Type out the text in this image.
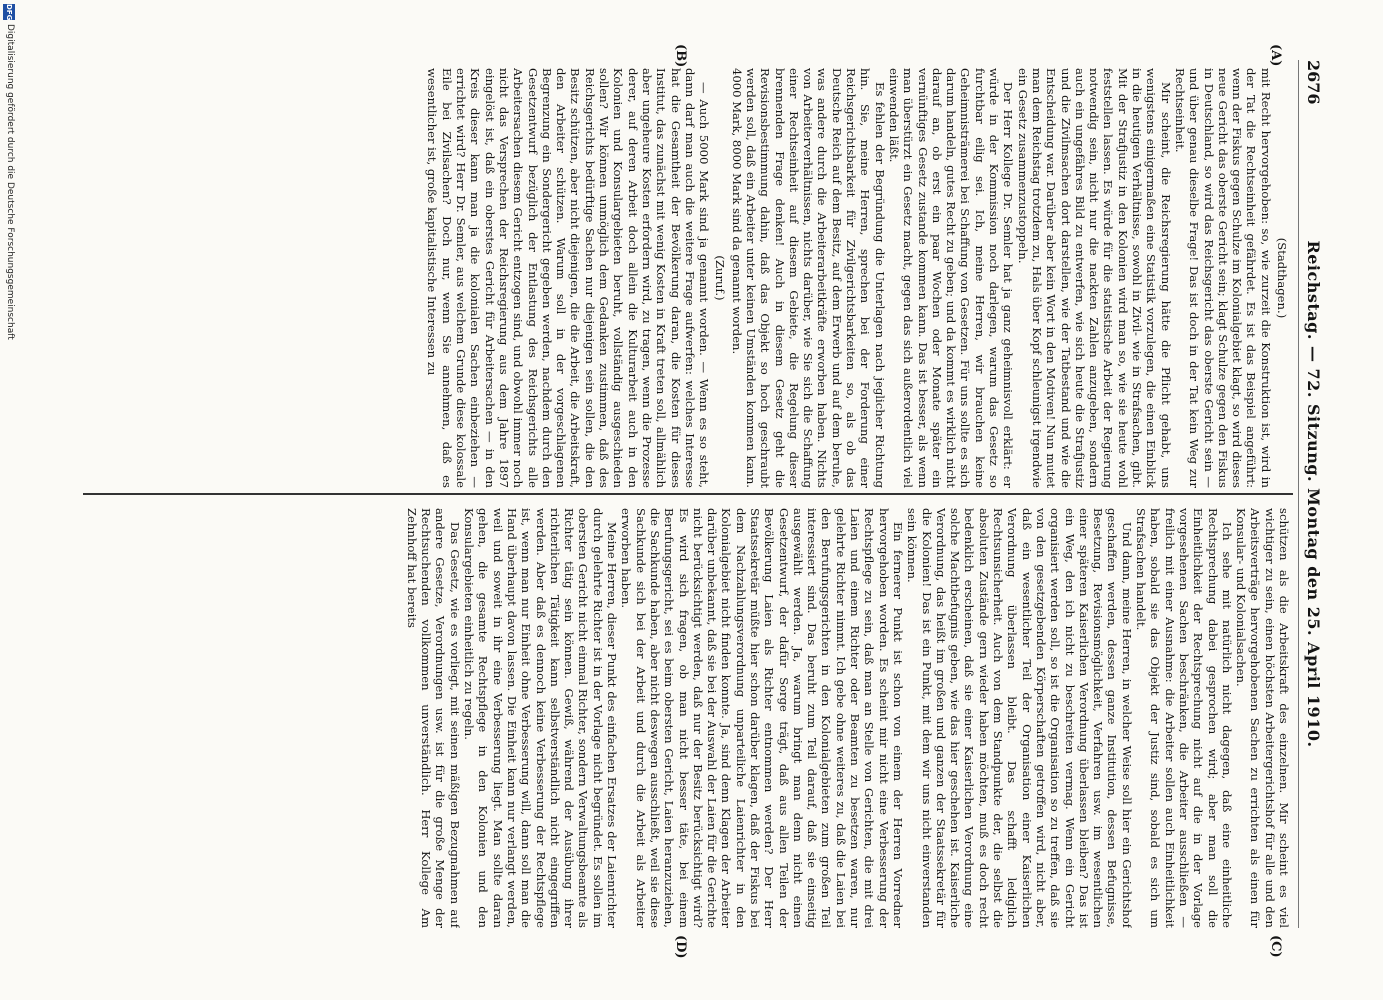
2676
Reichstag. — 72. Sitzung. Montag den 25. April 1910.
(A)
(B)
(C)
(D)

(Stadthagen.)

mit Recht hervorgehoben: so, wie zurzeit die Konstruktion ist, wird in der Tat die Rechtseinheit gefährdet. Es ist das Beispiel angeführt: wenn der Fiskus gegen Schulze im Kolonialgebiet klagt, so wird dieses neue Gericht das oberste Gericht sein; klagt Schulze gegen den Fiskus in Deutschland, so wird das Reichsgericht das oberste Gericht sein — und über genau dieselbe Frage! Das ist doch in der Tat kein Weg zur Rechtseinheit.

Mir scheint, die Reichsregierung hätte die Pflicht gehabt, uns wenigstens einigermaßen eine Statistik vorzulegen, die einen Einblick in die heutigen Verhältnisse, sowohl in Zivil- wie in Strafsachen, gibt. Mit der Strafjustiz in den Kolonien wird man so, wie sie heute wohl feststellen lassen. Es würde für die statistische Arbeit der Regierung notwendig sein, nicht nur die nackten Zahlen anzugeben, sondern auch ein ungefähres Bild zu entwerfen, wie sich heute die Strafjustiz und die Zivilmsachen dort darstellen, wie der Tatbestand und wie die Entscheidung war. Darüber aber kein Wort in den Motiven! Nun mutet man dem Reichstag trotzdem zu, Hals über Kopf schleunigst irgendwie ein Gesetz zusammenzustoppeln.

Der Herr Kollege Dr. Semler hat ja ganz geheimnisvoll erklärt: er würde in der Kommission noch darlegen, warum das Gesetz so furchtbar eilig sei. Ich, meine Herren, wir brauchen keine Geheimnisträmerei bei Schaffung von Gesetzen. Für uns sollte es sich darum handeln, gutes Recht zu geben; und da kommt es wirklich nicht darauf an, ob erst ein paar Wochen oder Monate später ein vernünftiges Gesetz zustande kommen kann. Das ist besser, als wenn man überstürzt ein Gesetz macht, gegen das sich außerordentlich viel einwenden läßt.

Es fehlen der Begründung die Unterlagen nach jeglicher Richtung hin. Sie, meine Herren, sprechen bei der Forderung einer Reichsgerichtsbarkeit für Zivilgerichtsbarkeiten so, als ob das Deutsche Reich auf dem Besitz, auf dem Erwerb und auf dem beruhe, was andere durch die Arbeiterarbeitkräfte erworben haben. Nichts von Arbeiterverhältnissen, nichts darüber, wie Sie sich die Schaffung einer Rechtseinheit auf diesem Gebiete, die Regelung dieser brennenden Frage denken! Auch in diesem Gesetz geht die Revisionsbestimmung dahin, daß das Objekt so hoch geschraubt werden soll, daß ein Arbeiter unter keinen Umständen kommen kann. 4000 Mark, 8000 Mark sind da genannt worden.

(Zuruf.)

— Auch 5000 Mark sind ja genannt worden. — Wenn es so steht, dann darf man auch die weitere Frage aufwerfen: welches Interesse hat die Gesamtheit der Bevölkerung daran, die Kosten für dieses Institut, das zunächst mit wenig Kosten in Kraft treten soll, allmählich aber ungeheure Kosten erfordern wird, zu tragen, wenn die Prozesse derer, auf deren Arbeit doch allein die Kulturarbeit auch in den Kolonien und Konsulargebieten beruht, vollständig ausgeschieden sollen? Wir können unmöglich dem Gedanken zustimmen, daß des Reichsgerichts bedürftige Sachen nur diejenigen sein sollen, die den Besitz schützen, aber nicht diejenigen, die die Arbeit, die Arbeitskraft, den Arbeiter schützen. Warum soll in der vorgeschlagenen Begrenzung ein Sondergericht gegeben werden, nachdem durch den Gesetzentwurf bezüglich der Entlastung des Reichsgerichts alle Arbeitersachen diesem Gericht entzogen sind, und obwohl immer noch nicht das Versprechen der Reichsregierung aus dem Jahre 1897 eingelöst ist, daß ein oberstes Gericht für Arbeitersachen — in den Kreis dieser kann man ja die kolonialen Sachen einbeziehen — errichtet wird? Herr Dr. Semler, aus welchem Grunde diese kolossale Eile bei Zivilsachen? Doch nur, wenn Sie annehmen, daß es wesentlicher ist, große kapitalistische Interessen zu

schützen als die Arbeitskraft des einzelnen. Mir scheint es viel wichtiger zu sein, einen höchsten Arbeitergerichtshof für alle und den Arbeitsverträge hervorgehobenen Sachen zu errichten als einen für Konsular- und Kolonialsachen.

Ich sehe mit natürlich nicht dagegen, daß eine einheitliche Rechtsprechung dabei gesprochen wird; aber man soll die Einheitlichkeit der Rechtsprechung nicht auf die in der Vorlage vorgesehenen Sachen beschränken, die Arbeiter ausschließen — freilich mit einer Ausnahme: die Arbeiter sollen auch Einheitlichkeit haben, sobald sie das Objekt der Justiz sind, sobald es sich um Strafsachen handelt.

Und dann, meine Herren, in welcher Weise soll hier ein Gerichtshof geschaffen werden, dessen ganze Institution, dessen Befugnisse, Besetzung, Revisionsmöglichkeit, Verfahren usw. im wesentlichen einer späteren Kaiserlichen Verordnung überlassen bleiben? Das ist ein Weg, den ich nicht zu beschreiten vermag. Wenn ein Gericht organisiert werden soll, so ist die Organisation so zu treffen, daß sie von den gesetzgebenden Körperschaften getroffen wird, nicht aber, daß ein wesentlicher Teil der Organisation einer Kaiserlichen Verordnung überlassen bleibt. Das schafft lediglich Rechtsunsicherheit. Auch von dem Standpunkte der, die selbst die absoluten Zustände gern wieder haben möchten, muß es doch recht bedenklich erscheinen, daß sie einer Kaiserlichen Verordnung eine solche Machtbefugnis geben, wie das hier geschehen ist. Kaiserliche Verordnung, das heißt im großen und ganzen der Staatssekretär für die Kolonien! Das ist ein Punkt, mit dem wir uns nicht einverstanden sein können.

Ein fernerer Punkt ist schon von einem der Herren Vorredner hervorgehoben worden. Es scheint mir nicht eine Verbesserung der Rechtspflege zu sein, daß man an Stelle von Gerichten, die mit drei Laien und einem Richter oder Beamten zu besetzen waren, nur gelehrte Richter nimmt. Ich gebe ohne weiteres zu, daß die Laien bei den Berufungsgerichten in den Kolonialgebieten zum großen Teil interessiert sind. Das beruht zum Teil darauf, daß sie einseitig ausgewählt werden. Ja, warum bringt man denn nicht einen Gesetzentwurf, der dafür Sorge trägt, daß aus allen Teilen der Bevölkerung Laien als Richter entnommen werden? Der Herr Staatssekretär müßte hier schon darüber klagen, daß der Fiskus bei dem Nachzahlungsverordnung unparteiliche Laienrichter in den Kolonialgebiet nicht finden konnte. Ja, sind denn Klagen der Arbeiter darüber unbekannt, daß sie bei der Auswahl der Laien für die Gerichte nicht berücksichtigt werden, daß nur der Besitz berücksichtigt wird? Es wird sich fragen, ob man nicht besser täte, bei einem Berufungsgericht, sei es beim obersten Gericht, Laien heranzuziehen, die Sachkunde haben, aber nicht deswegen ausschließt, weil sie diese Sachkunde sich bei der Arbeit und durch die Arbeit als Arbeiter erworben haben.

Meine Herren, dieser Punkt des einfachen Ersatzes der Laienrichter durch gelehrte Richter ist in der Vorlage nicht begründet. Es sollen im obersten Gericht nicht einmal Richter, sondern Verwaltungsbeamte als Richter tätig sein können. Gewiß, während der Ausübung ihrer richterlichen Tätigkeit kann selbstverständlich nicht eingegriffen werden. Aber daß es dennoch keine Verbesserung der Rechtspflege ist, wenn man nur Einheit ohne Verbesserung will, dann soll man die Hand überhaupt davon lassen. Die Einheit kann nur verlangt werden, weil und soweit in ihr eine Verbesserung liegt. Man sollte daran gehen, die gesamte Rechtspflege in den Kolonien und den Konsulargebieten einheitlich zu regeln.

Das Gesetz, wie es vorliegt, mit seinen mäßigen Bezugnahmen auf andere Gesetze, Verordnungen usw. ist für die große Menge der Rechtsuchenden vollkommen unverständlich. Herr Kollege Am Zehnhoff hat bereits

DFG
Digitalisierung gefördert durch die Deutsche Forschungsgemeinschaft
